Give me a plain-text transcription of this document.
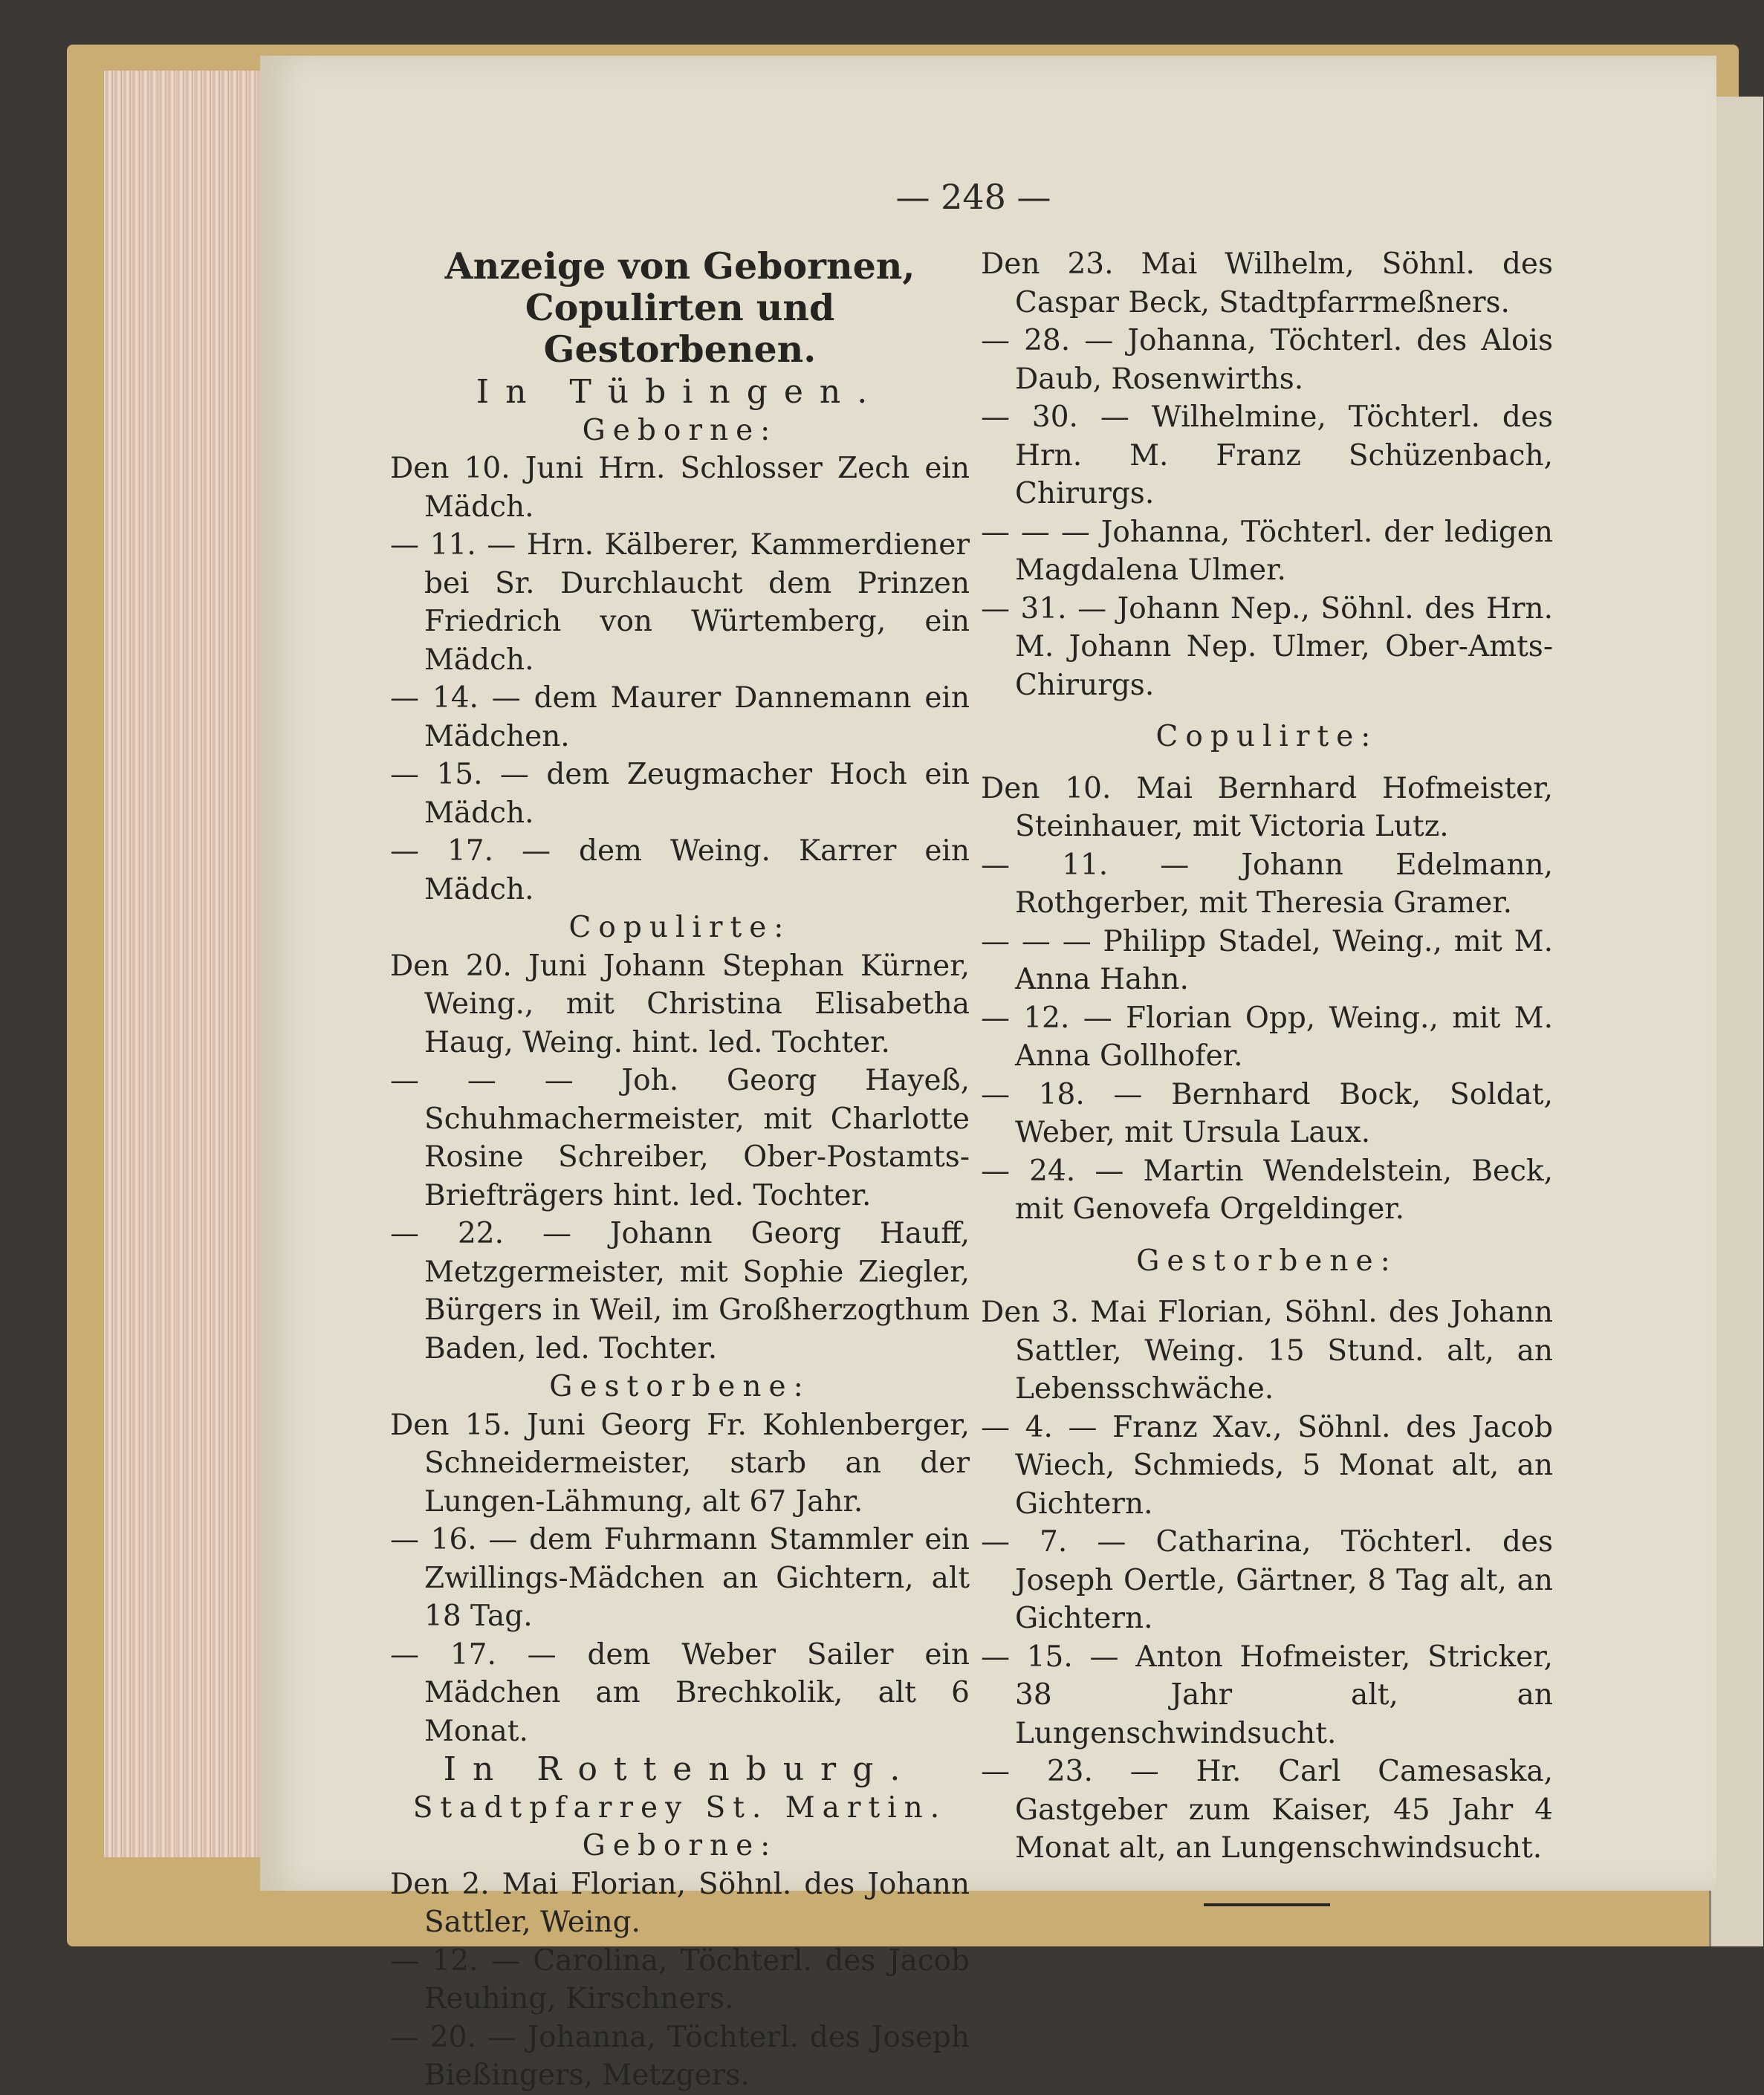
— 248 —
Anzeige von Gebornen, Copulirten und Gestorbenen.
In Tübingen.
Geborne:
Den 10. Juni Hrn. Schlosser Zech ein Mädch.
— 11. — Hrn. Kälberer, Kammerdiener bei Sr. Durchlaucht dem Prinzen Friedrich von Würtemberg, ein Mädch.
— 14. — dem Maurer Dannemann ein Mädchen.
— 15. — dem Zeugmacher Hoch ein Mädch.
— 17. — dem Weing. Karrer ein Mädch.
Copulirte:
Den 20. Juni Johann Stephan Kürner, Weing., mit Christina Elisabetha Haug, Weing. hint. led. Tochter.
— — — Joh. Georg Hayeß, Schuhmachermeister, mit Charlotte Rosine Schreiber, Ober-Postamts-Briefträgers hint. led. Tochter.
— 22. — Johann Georg Hauff, Metzgermeister, mit Sophie Ziegler, Bürgers in Weil, im Großherzogthum Baden, led. Tochter.
Gestorbene:
Den 15. Juni Georg Fr. Kohlenberger, Schneidermeister, starb an der Lungen-Lähmung, alt 67 Jahr.
— 16. — dem Fuhrmann Stammler ein Zwillings-Mädchen an Gichtern, alt 18 Tag.
— 17. — dem Weber Sailer ein Mädchen am Brechkolik, alt 6 Monat.
In Rottenburg.
Stadtpfarrey St. Martin.
Geborne:
Den 2. Mai Florian, Söhnl. des Johann Sattler, Weing.
— 12. — Carolina, Töchterl. des Jacob Reuhing, Kirschners.
— 20. — Johanna, Töchterl. des Joseph Bießingers, Metzgers.
Den 23. Mai Wilhelm, Söhnl. des Caspar Beck, Stadtpfarrmeßners.
— 28. — Johanna, Töchterl. des Alois Daub, Rosenwirths.
— 30. — Wilhelmine, Töchterl. des Hrn. M. Franz Schüzenbach, Chirurgs.
— — — Johanna, Töchterl. der ledigen Magdalena Ulmer.
— 31. — Johann Nep., Söhnl. des Hrn. M. Johann Nep. Ulmer, Ober-Amts-Chirurgs.
Copulirte:
Den 10. Mai Bernhard Hofmeister, Steinhauer, mit Victoria Lutz.
— 11. — Johann Edelmann, Rothgerber, mit Theresia Gramer.
— — — Philipp Stadel, Weing., mit M. Anna Hahn.
— 12. — Florian Opp, Weing., mit M. Anna Gollhofer.
— 18. — Bernhard Bock, Soldat, Weber, mit Ursula Laux.
— 24. — Martin Wendelstein, Beck, mit Genovefa Orgeldinger.
Gestorbene:
Den 3. Mai Florian, Söhnl. des Johann Sattler, Weing. 15 Stund. alt, an Lebensschwäche.
— 4. — Franz Xav., Söhnl. des Jacob Wiech, Schmieds, 5 Monat alt, an Gichtern.
— 7. — Catharina, Töchterl. des Joseph Oertle, Gärtner, 8 Tag alt, an Gichtern.
— 15. — Anton Hofmeister, Stricker, 38 Jahr alt, an Lungenschwindsucht.
— 23. — Hr. Carl Camesaska, Gastgeber zum Kaiser, 45 Jahr 4 Monat alt, an Lungenschwindsucht.
